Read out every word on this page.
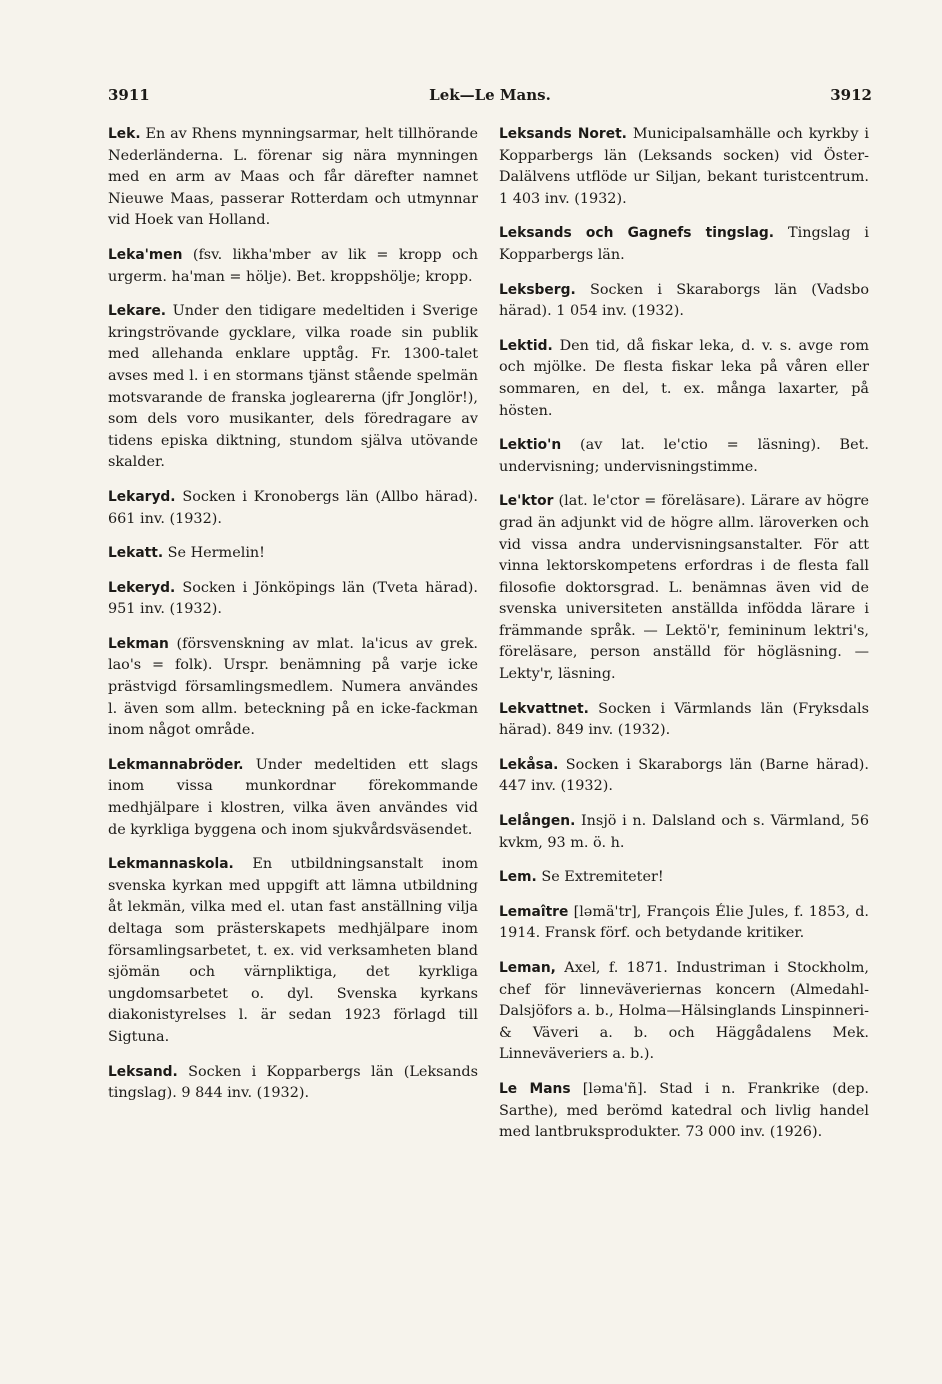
3911	Lek—Le Mans.	3912

Lek. En av Rhens mynningsarmar, helt tillhörande Nederländerna. L. förenar sig nära mynningen med en arm av Maas och får därefter namnet Nieuwe Maas, passerar Rotterdam och utmynnar vid Hoek van Holland.

Leka'men (fsv. likha'mber av lik = kropp och urgerm. ha'man = hölje). Bet. kroppshölje; kropp.

Lekare. Under den tidigare medeltiden i Sverige kringströvande gycklare, vilka roade sin publik med allehanda enklare upptåg. Fr. 1300-talet avses med l. i en stormans tjänst stående spelmän motsvarande de franska joglearerna (jfr Jonglör!), som dels voro musikanter, dels föredragare av tidens episka diktning, stundom själva utövande skalder.

Lekaryd. Socken i Kronobergs län (Allbo härad). 661 inv. (1932).

Lekatt. Se Hermelin!

Lekeryd. Socken i Jönköpings län (Tveta härad). 951 inv. (1932).

Lekman (försvenskning av mlat. la'icus av grek. lao's = folk). Urspr. benämning på varje icke prästvigd församlingsmedlem. Numera användes l. även som allm. beteckning på en icke-fackman inom något område.

Lekmannabröder. Under medeltiden ett slags inom vissa munkordnar förekommande medhjälpare i klostren, vilka även användes vid de kyrkliga byggena och inom sjukvårdsväsendet.

Lekmannaskola. En utbildningsanstalt inom svenska kyrkan med uppgift att lämna utbildning åt lekmän, vilka med el. utan fast anställning vilja deltaga som prästerskapets medhjälpare inom församlingsarbetet, t. ex. vid verksamheten bland sjömän och värnpliktiga, det kyrkliga ungdomsarbetet o. dyl. Svenska kyrkans diakonistyrelses l. är sedan 1923 förlagd till Sigtuna.

Leksand. Socken i Kopparbergs län (Leksands tingslag). 9 844 inv. (1932).

Leksands Noret. Municipalsamhälle och kyrkby i Kopparbergs län (Leksands socken) vid Öster-Dalälvens utflöde ur Siljan, bekant turistcentrum. 1 403 inv. (1932).

Leksands och Gagnefs tingslag. Tingslag i Kopparbergs län.

Leksberg. Socken i Skaraborgs län (Vadsbo härad). 1 054 inv. (1932).

Lektid. Den tid, då fiskar leka, d. v. s. avge rom och mjölke. De flesta fiskar leka på våren eller sommaren, en del, t. ex. många laxarter, på hösten.

Lektio'n (av lat. le'ctio = läsning). Bet. undervisning; undervisningstimme.

Le'ktor (lat. le'ctor = föreläsare). Lärare av högre grad än adjunkt vid de högre allm. läroverken och vid vissa andra undervisningsanstalter. För att vinna lektorskompetens erfordras i de flesta fall filosofie doktorsgrad. L. benämnas även vid de svenska universiteten anställda infödda lärare i främmande språk. — Lektö'r, femininum lektri's, föreläsare, person anställd för högläsning. — Lekty'r, läsning.

Lekvattnet. Socken i Värmlands län (Fryksdals härad). 849 inv. (1932).

Lekåsa. Socken i Skaraborgs län (Barne härad). 447 inv. (1932).

Lelången. Insjö i n. Dalsland och s. Värmland, 56 kvkm, 93 m. ö. h.

Lem. Se Extremiteter!

Lemaître [ləmä'tr], François Élie Jules, f. 1853, d. 1914. Fransk förf. och betydande kritiker.

Leman, Axel, f. 1871. Industriman i Stockholm, chef för linneväveriernas koncern (Almedahl-Dalsjöfors a. b., Holma—Hälsinglands Linspinneri- & Väveri a. b. och Häggådalens Mek. Linneväveriers a. b.).

Le Mans [ləma'ñ]. Stad i n. Frankrike (dep. Sarthe), med berömd katedral och livlig handel med lantbruksprodukter. 73 000 inv. (1926).
